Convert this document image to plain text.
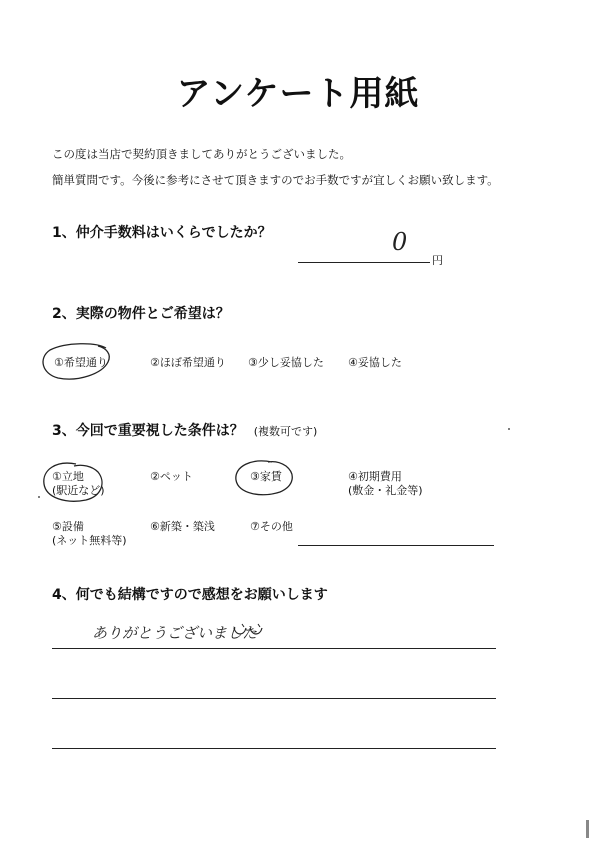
アンケート用紙
この度は当店で契約頂きましてありがとうございました。
簡単質問です。今後に参考にさせて頂きますのでお手数ですが宜しくお願い致します。
1、仲介手数料はいくらでしたか？	0
円
2、実際の物件とご希望は？
①希望通り	②ほぼ希望通り ③少し妥協した ④妥協した
3、今回で重要視した条件は？ (複数可です)
①立地
(駅近など)
②ペット	③家賃	④初期費用
(敷金・礼金等)
⑤設備
(ネット無料等)
⑥新築・築浅	⑦その他
4、何でも結構ですので感想をお願いします
ありがとうございました
